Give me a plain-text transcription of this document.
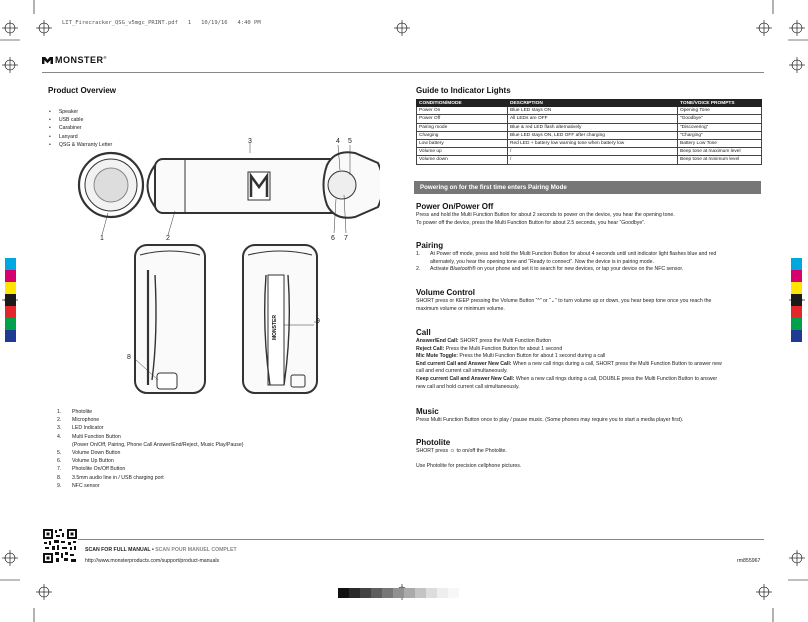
LIT_Firecracker_QSG_v5mgc_PRINT.pdf   1   10/19/16   4:40 PM
MONSTER®
Product Overview
• Speaker
• USB cable
• Carabiner
• Lanyard
• QSG & Warranty Letter
MONSTER
1	2
3	4 5
6 7
8
9
1.	Photolite
2.	Microphone
3.	LED Indicator
4.	Multi Function Button
(Power On/Off, Pairing, Phone Call Answer/End/Reject, Music Play/Pause)
5.	Volume Down Button
6.	Volume Up Button
7.	Photolite On/Off Button
8.	3.5mm audio line in / USB charging port
9.	NFC sensor
Guide to Indicator Lights
CONDITION/MODE	DESCRIPTION	TONE/VOICE PROMPTS
Power On	Blue LED stays ON	Opening Tone
Power Off	All LEDs are OFF	“Goodbye”
Pairing mode	Blue & red LED flash alternatively	“Discovering”
Charging	Blue LED stays ON, LED OFF after charging	“Charging”
Low battery	Red LED + battery low warning tone when battery low	Battery Low Tone
Volume up	/	Beep tone at maximum level
Volume down	/	Beep tone at minimum level
Powering on for the first time enters Pairing Mode

Power On/Power Off

Press and hold the Multi Function Button for about 2 seconds to power on the device, you hear the opening tone.

To power off the device, press the Multi Function Button for about 2.5 seconds, you hear “Goodbye”.

Pairing

1. At Power off mode, press and hold the Multi Function Button for about 4 seconds until unit indicator light flashes blue and red

alternately, you hear the opening tone and “Ready to connect”. Now the device is in pairing mode.

2. Activate Bluetooth® on your phone and set it to search for new devices, or tap your device on the NFC sensor.

Volume Control

SHORT press or KEEP pressing the Volume Button “^” or “⌄” to turn volume up or down, you hear beep tone once you reach the

maximum volume or minimum volume.

Call

Answer/End Call: SHORT press the Multi Function Button

Reject Call: Press the Multi Function Button for about 1 second

Mic Mute Toggle: Press the Multi Function Button for about 1 second during a call

End current Call and Answer New Call: When a new call rings during a call, SHORT press the Multi Function Button to answer new

call and end current call simultaneously.

Keep current Call and Answer New Call: When a new call rings during a call, DOUBLE press the Multi Function Button to answer

new call and hold current call simultaneously.

Music

Press Multi Function Button once to play / pause music. (Some phones may require you to start a media player first).

Photolite

SHORT press ☼ to on/off the Photolite.

Use Photolite for precision cellphone pictures.

SCAN FOR FULL MANUAL • SCAN POUR MANUEL COMPLET
http://www.monsterproducts.com/support/product-manuals	rm855967
